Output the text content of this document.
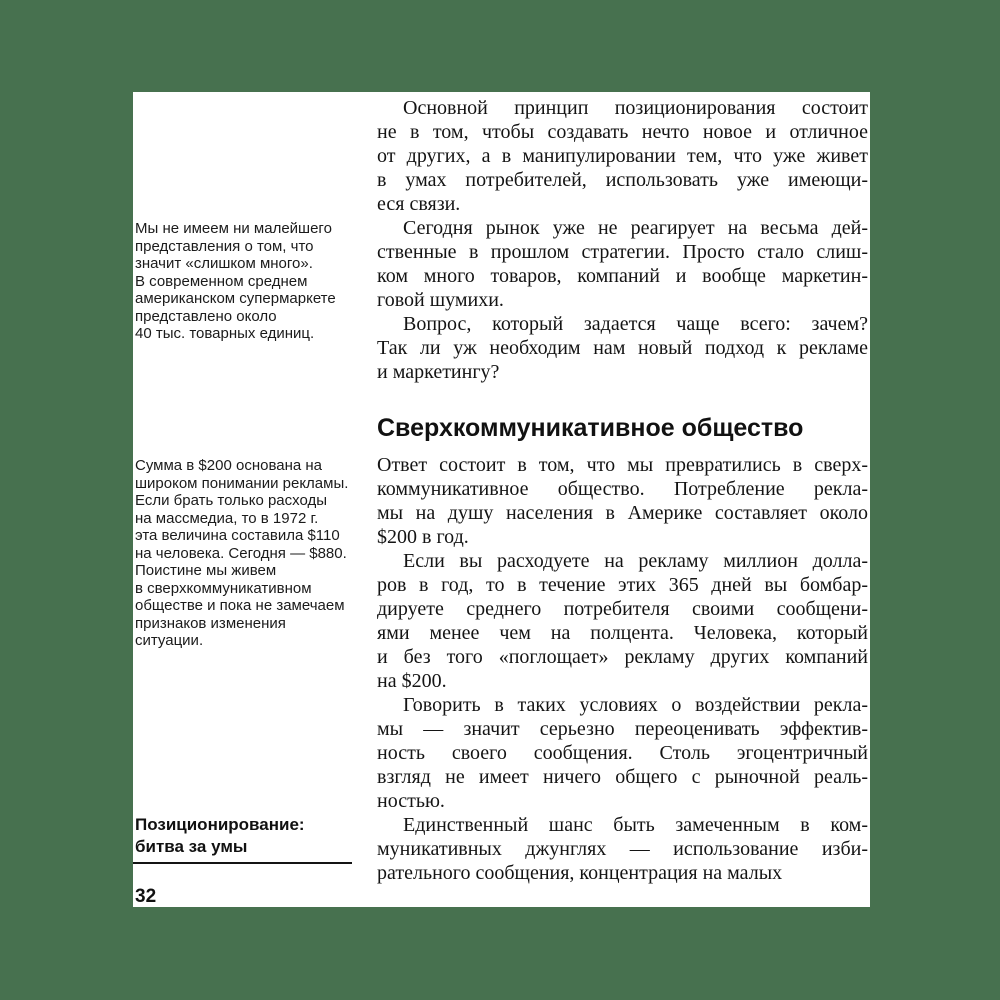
Мы не имеем ни малейшего
представления о том, что
значит «слишком много».
В современном среднем
американском супермаркете
представлено около
40 тыс. товарных единиц.
Сумма в $200 основана на
широком понимании рекламы.
Если брать только расходы
на массмедиа, то в 1972 г.
эта величина составила $110
на человека. Сегодня — $880.
Поистине мы живем
в сверхкоммуникативном
обществе и пока не замечаем
признаков изменения
ситуации.
Основной принцип позиционирования состоит
не в том, чтобы создавать нечто новое и отличное
от других, а в манипулировании тем, что уже живет
в умах потребителей, использовать уже имеющи-
еся связи.
Сегодня рынок уже не реагирует на весьма дей-
ственные в прошлом стратегии. Просто стало слиш-
ком много товаров, компаний и вообще маркетин-
говой шумихи.
Вопрос, который задается чаще всего: зачем?
Так ли уж необходим нам новый подход к рекламе
и маркетингу?
Сверхкоммуникативное общество
Ответ состоит в том, что мы превратились в сверх-
коммуникативное общество. Потребление рекла-
мы на душу населения в Америке составляет около
$200 в год.
Если вы расходуете на рекламу миллион долла-
ров в год, то в течение этих 365 дней вы бомбар-
дируете среднего потребителя своими сообщени-
ями менее чем на полцента. Человека, который
и без того «поглощает» рекламу других компаний
на $200.
Говорить в таких условиях о воздействии рекла-
мы — значит серьезно переоценивать эффектив-
ность своего сообщения. Столь эгоцентричный
взгляд не имеет ничего общего с рыночной реаль-
ностью.
Единственный шанс быть замеченным в ком-
муникативных джунглях — использование изби-
рательного сообщения, концентрация на малых
Позиционирование:
битва за умы
32
